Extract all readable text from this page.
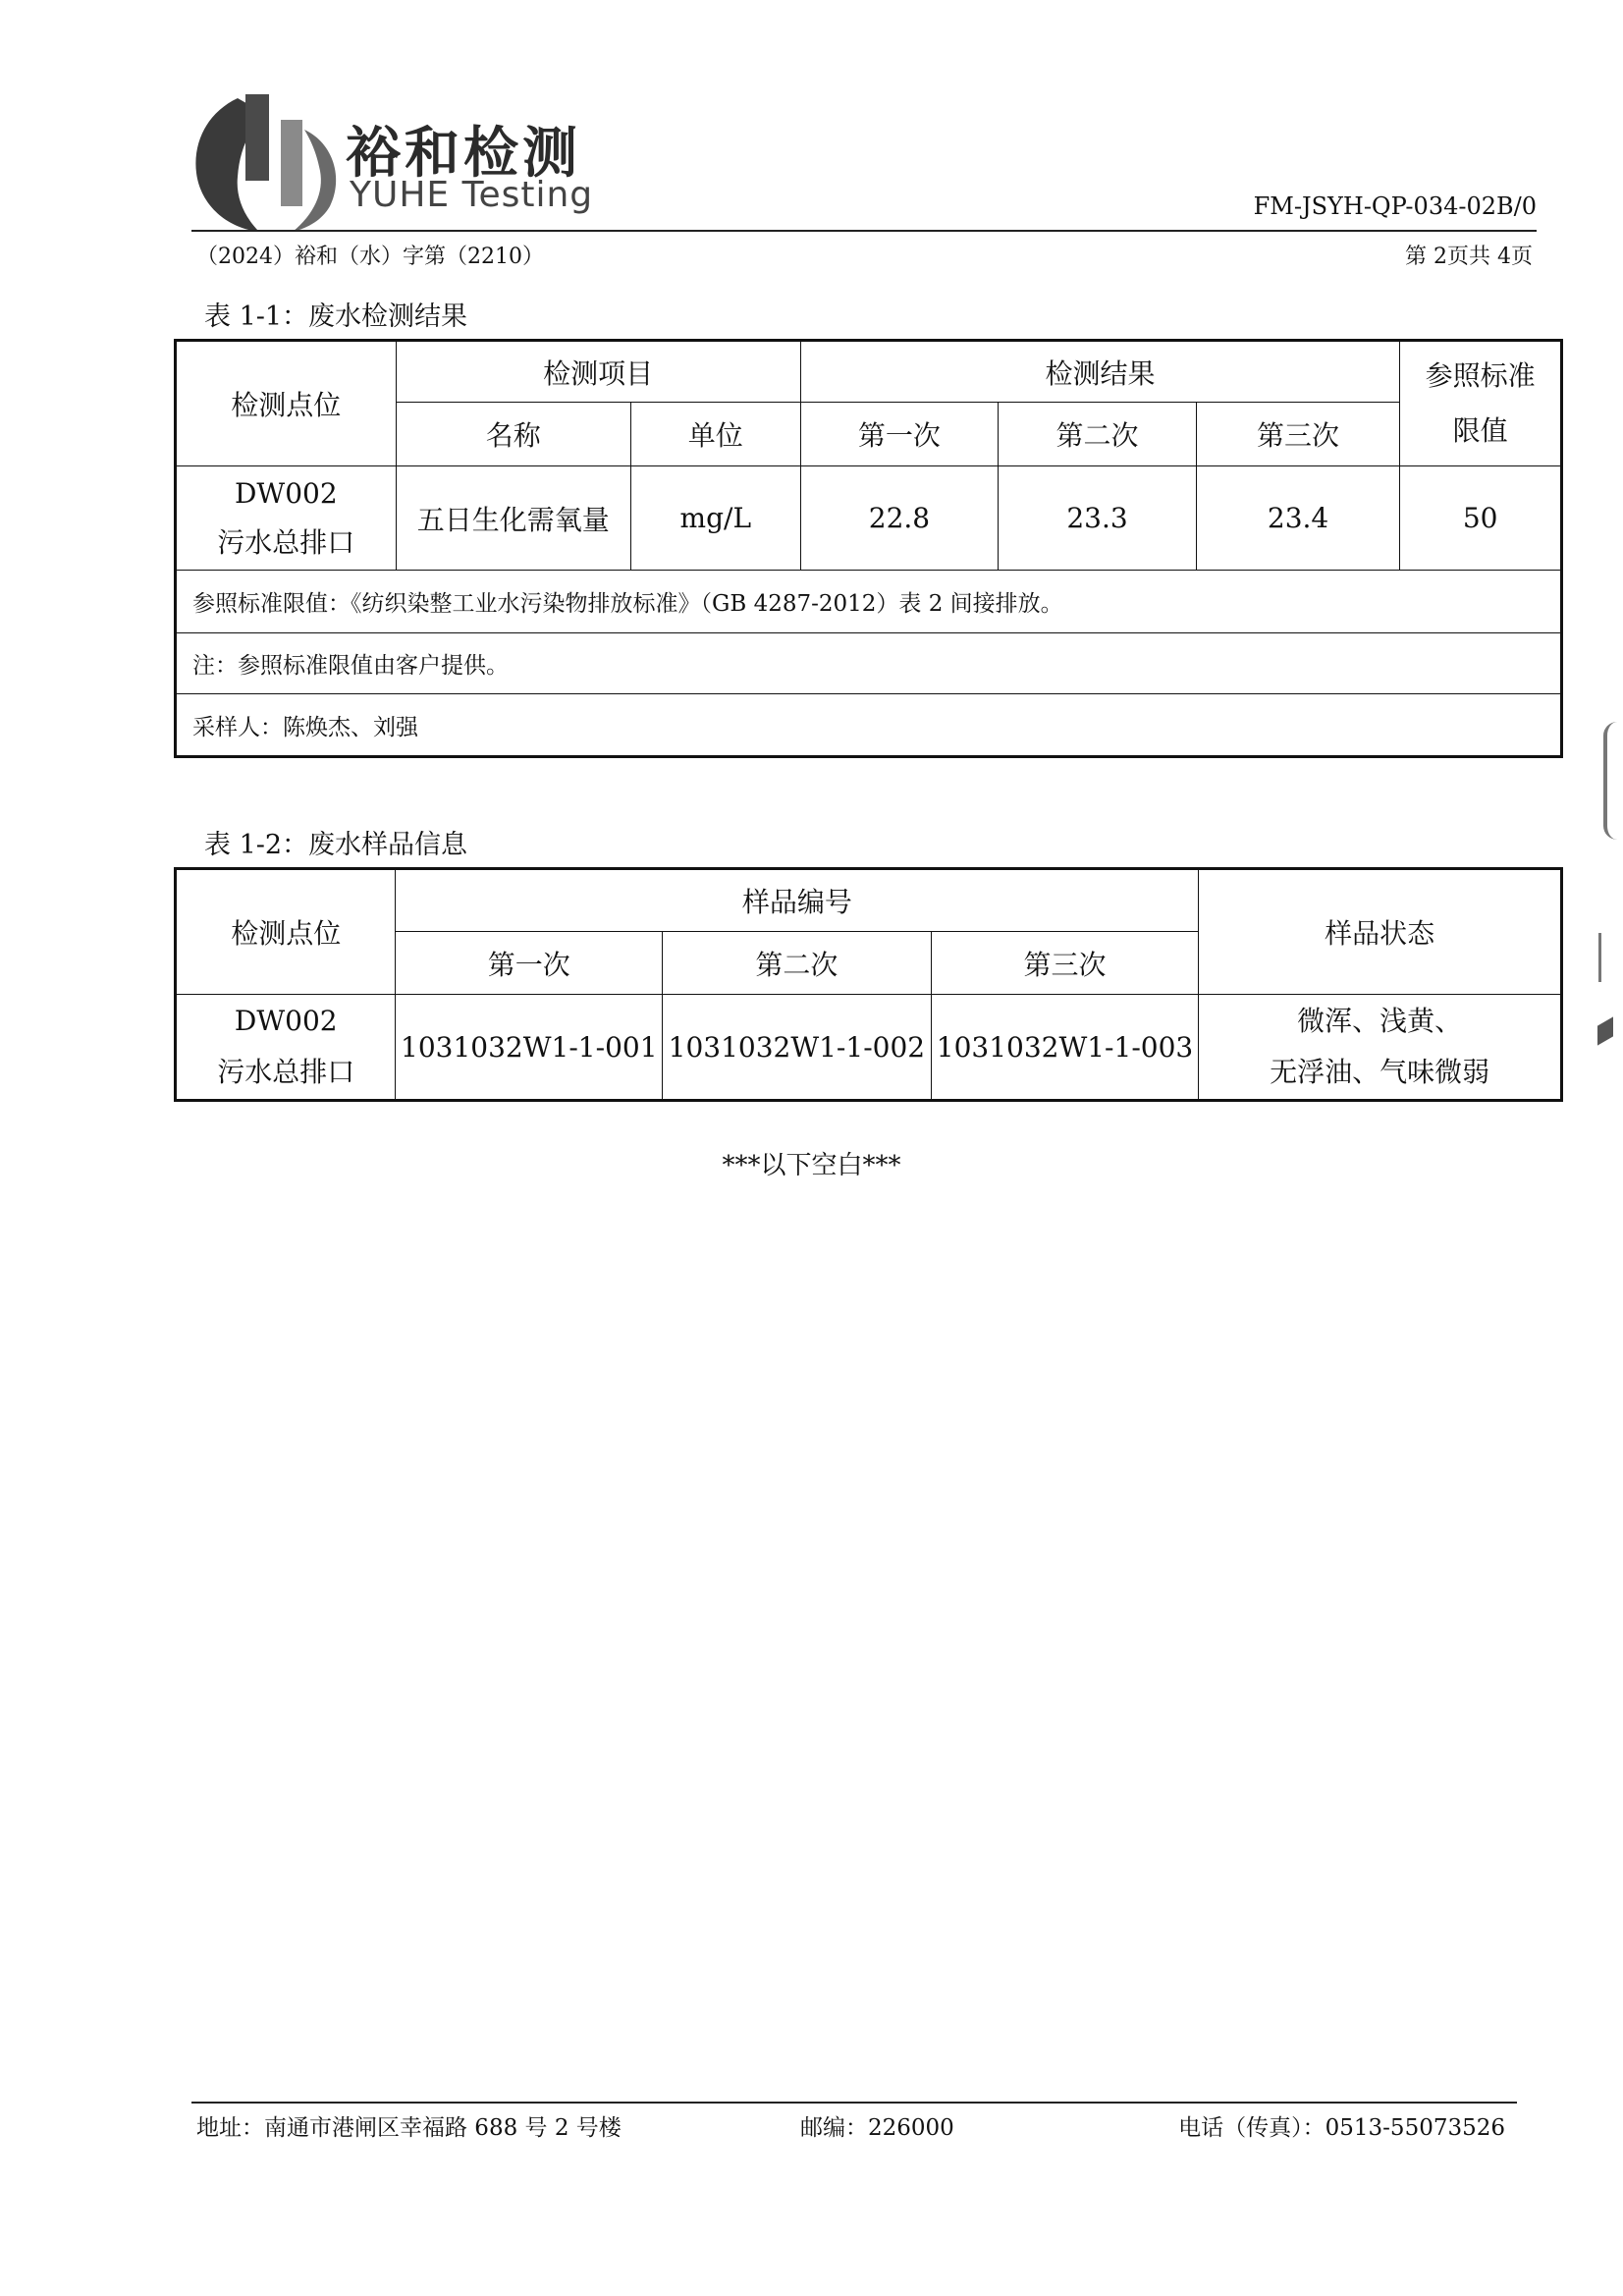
裕和检测
YUHE Testing	FM-JSYH-QP-034-02B/0
（2024）裕和（水）字第（2210）	第 2页共 4页
表 1-1：废水检测结果
检测点位	检测项目		检测结果			参照标准
限值
	名称	单位	第一次	第二次	第三次	
DW002
污水总排口	五日生化需氧量	mg/L	22.8	23.3	23.4	50
参照标准限值：《纺织染整工业水污染物排放标准》（GB 4287-2012）表 2 间接排放。						
注：参照标准限值由客户提供。						
采样人：陈焕杰、刘强						
表 1-2：废水样品信息
检测点位	样品编号			样品状态
	第一次	第二次	第三次	
DW002
污水总排口	1031032W1-1-001	1031032W1-1-002	1031032W1-1-003	微浑、浅黄、
无浮油、气味微弱
***以下空白***
地址：南通市港闸区幸福路 688 号 2 号楼	邮编：226000	电话（传真）：0513-55073526
